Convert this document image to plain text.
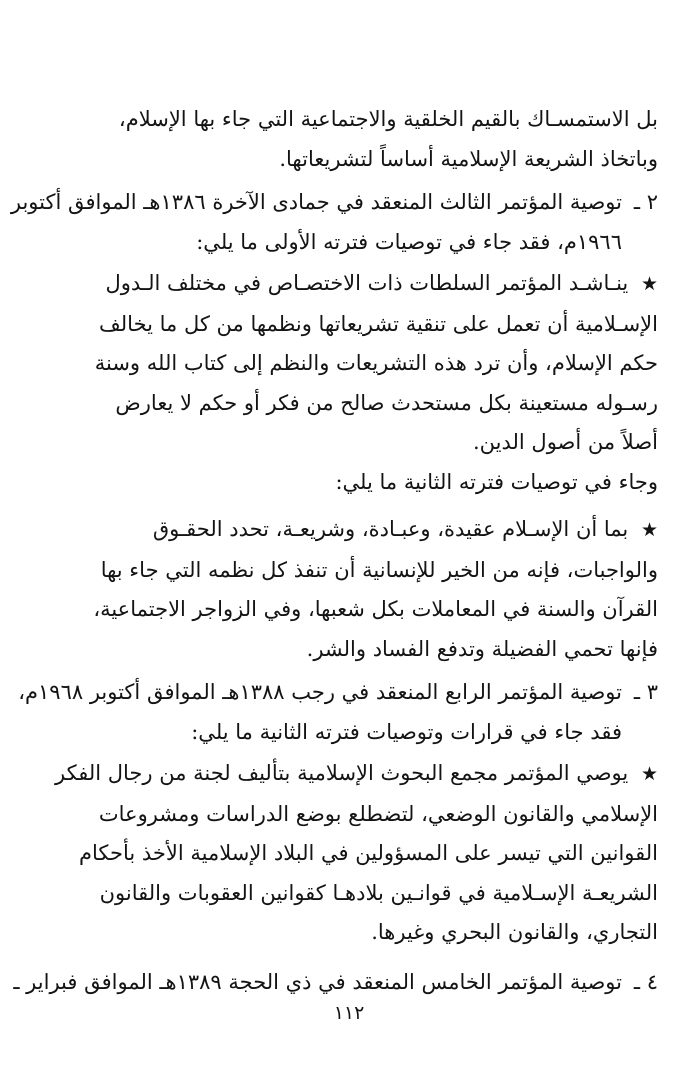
بل الاستمسـاك بالقيم الخلقية والاجتماعية التي جاء بها الإسلام،
وباتخاذ الشريعة الإسلامية أساساً لتشريعاتها.
٢ ـ
توصية المؤتمر الثالث المنعقد في جمادى الآخرة ١٣٨٦هـ الموافق أكتوبر
١٩٦٦م، فقد جاء في توصيات فترته الأولى ما يلي:
★ ينـاشـد المؤتمر السلطات ذات الاختصـاص في مختلف الـدول
الإسـلامية أن تعمل على تنقية تشريعاتها ونظمها من كل ما يخالف
حكم الإسلام، وأن ترد هذه التشريعات والنظم إلى كتاب الله وسنة
رسـوله مستعينة بكل مستحدث صالح من فكر أو حكم لا يعارض
أصلاً من أصول الدين.
وجاء في توصيات فترته الثانية ما يلي:
★ بما أن الإسـلام عقيدة، وعبـادة، وشريعـة، تحدد الحقـوق
والواجبات، فإنه من الخير للإنسانية أن تنفذ كل نظمه التي جاء بها
القرآن والسنة في المعاملات بكل شعبها، وفي الزواجر الاجتماعية،
فإنها تحمي الفضيلة وتدفع الفساد والشر.
٣ ـ
توصية المؤتمر الرابع المنعقد في رجب ١٣٨٨هـ الموافق أكتوبر ١٩٦٨م،
فقد جاء في قرارات وتوصيات فترته الثانية ما يلي:
★ يوصي المؤتمر مجمع البحوث الإسلامية بتأليف لجنة من رجال الفكر
الإسلامي والقانون الوضعي، لتضطلع بوضع الدراسات ومشروعات
القوانين التي تيسر على المسؤولين في البلاد الإسلامية الأخذ بأحكام
الشريعـة الإسـلامية في قوانـين بلادهـا كقوانين العقوبات والقانون
التجاري، والقانون البحري وغيرها.
٤ ـ
توصية المؤتمر الخامس المنعقد في ذي الحجة ١٣٨٩هـ الموافق فبراير ـ
١١٢
